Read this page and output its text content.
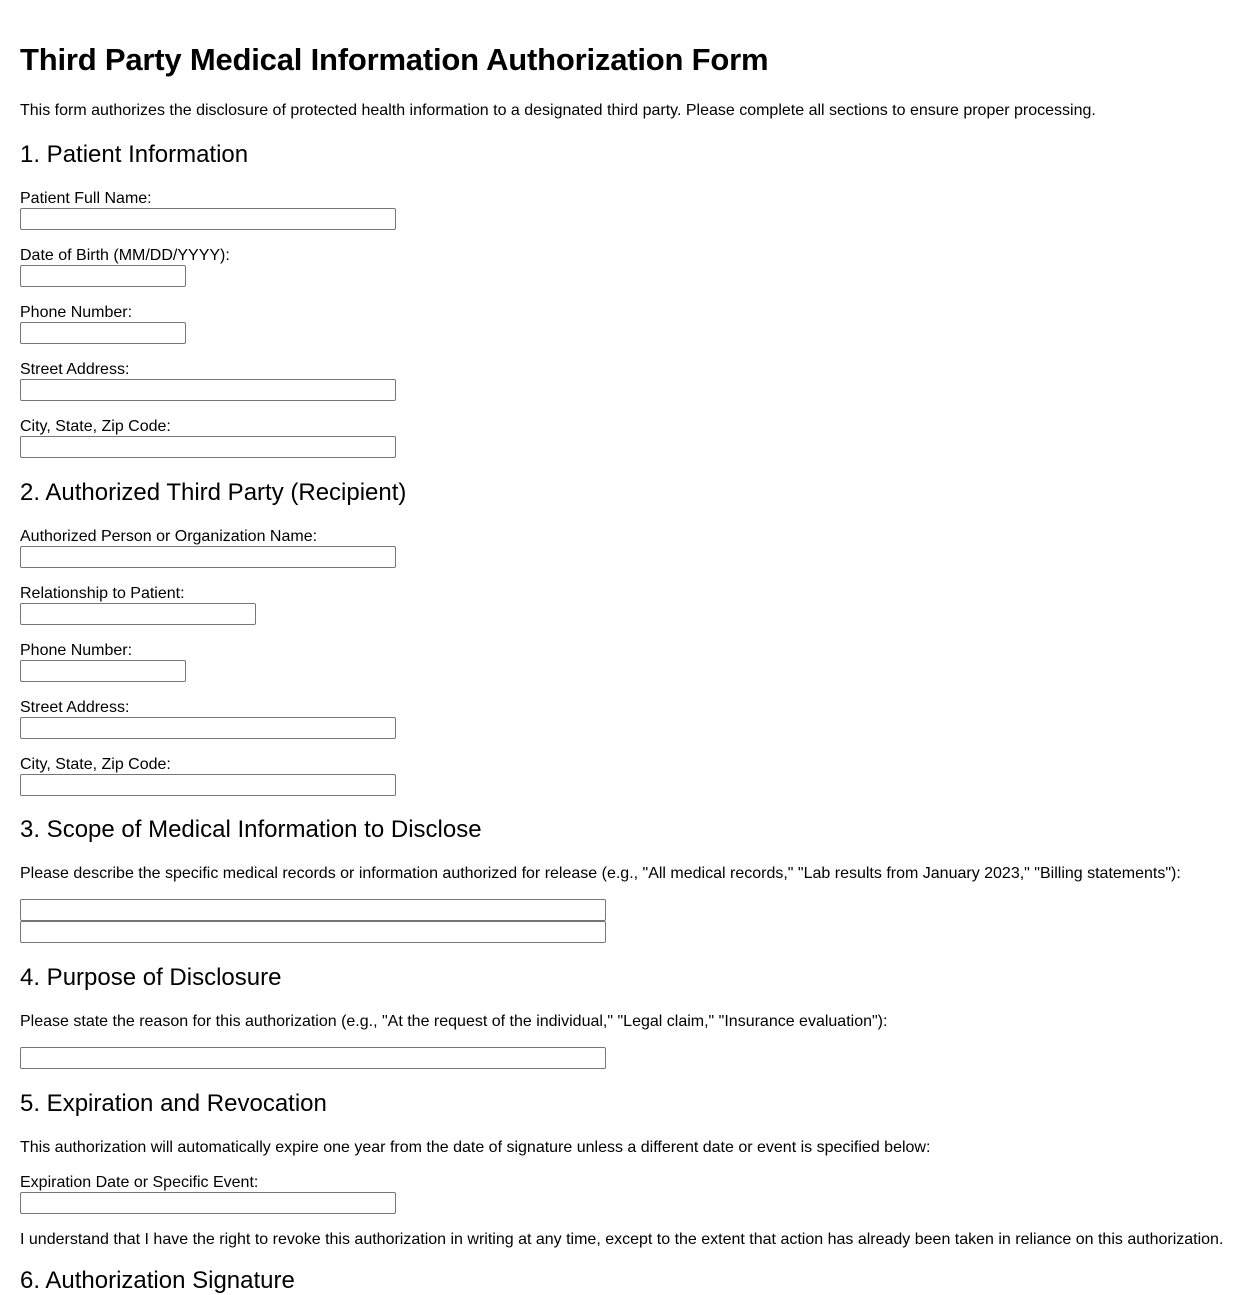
Third Party Medical Information Authorization Form

This form authorizes the disclosure of protected health information to a designated third party. Please complete all sections to ensure proper processing.

1. Patient Information
Patient Full Name:
Date of Birth (MM/DD/YYYY):
Phone Number:
Street Address:
City, State, Zip Code:
2. Authorized Third Party (Recipient)
Authorized Person or Organization Name:
Relationship to Patient:
Phone Number:
Street Address:
City, State, Zip Code:
3. Scope of Medical Information to Disclose
Please describe the specific medical records or information authorized for release (e.g., "All medical records," "Lab results from January 2023," "Billing statements"):
4. Purpose of Disclosure
Please state the reason for this authorization (e.g., "At the request of the individual," "Legal claim," "Insurance evaluation"):
5. Expiration and Revocation
This authorization will automatically expire one year from the date of signature unless a different date or event is specified below:
Expiration Date or Specific Event:
I understand that I have the right to revoke this authorization in writing at any time, except to the extent that action has already been taken in reliance on this authorization.
6. Authorization Signature
